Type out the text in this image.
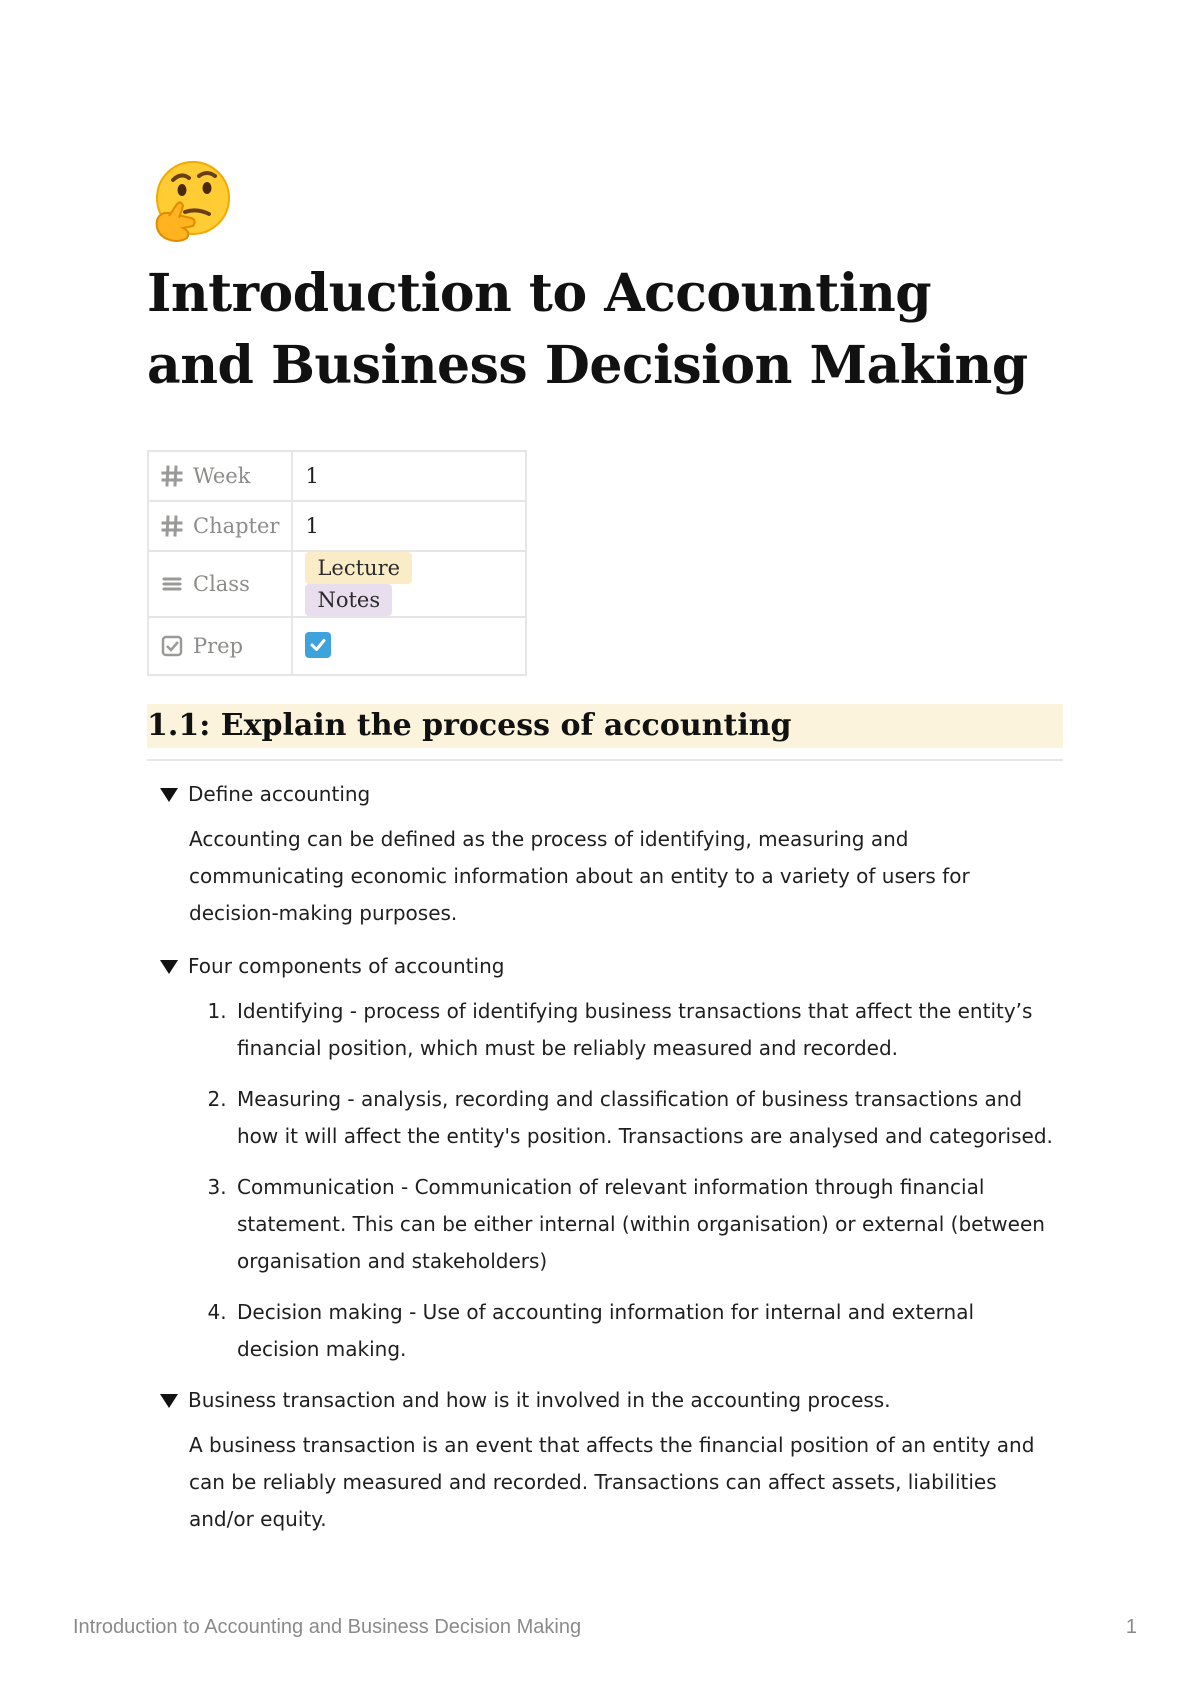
Introduction to Accounting and Business Decision Making
Week	1

Chapter	1

Class	LectureNotes

Prep

1.1: Explain the process of accounting
Define accounting

Accounting can be defined as the process of identifying, measuring and communicating economic information about an entity to a variety of users for decision-making purposes.

Four components of accounting
1. Identifying - process of identifying business transactions that affect the entity’s financial position, which must be reliably measured and recorded.
2. Measuring - analysis, recording and classification of business transactions and how it will affect the entity's position. Transactions are analysed and categorised.
3. Communication - Communication of relevant information through financial statement. This can be either internal (within organisation) or external (between organisation and stakeholders)
4. Decision making - Use of accounting information for internal and external decision making.
Business transaction and how is it involved in the accounting process.

A business transaction is an event that affects the financial position of an entity and can be reliably measured and recorded. Transactions can affect assets, liabilities and/or equity.

Introduction to Accounting and Business Decision Making	1
